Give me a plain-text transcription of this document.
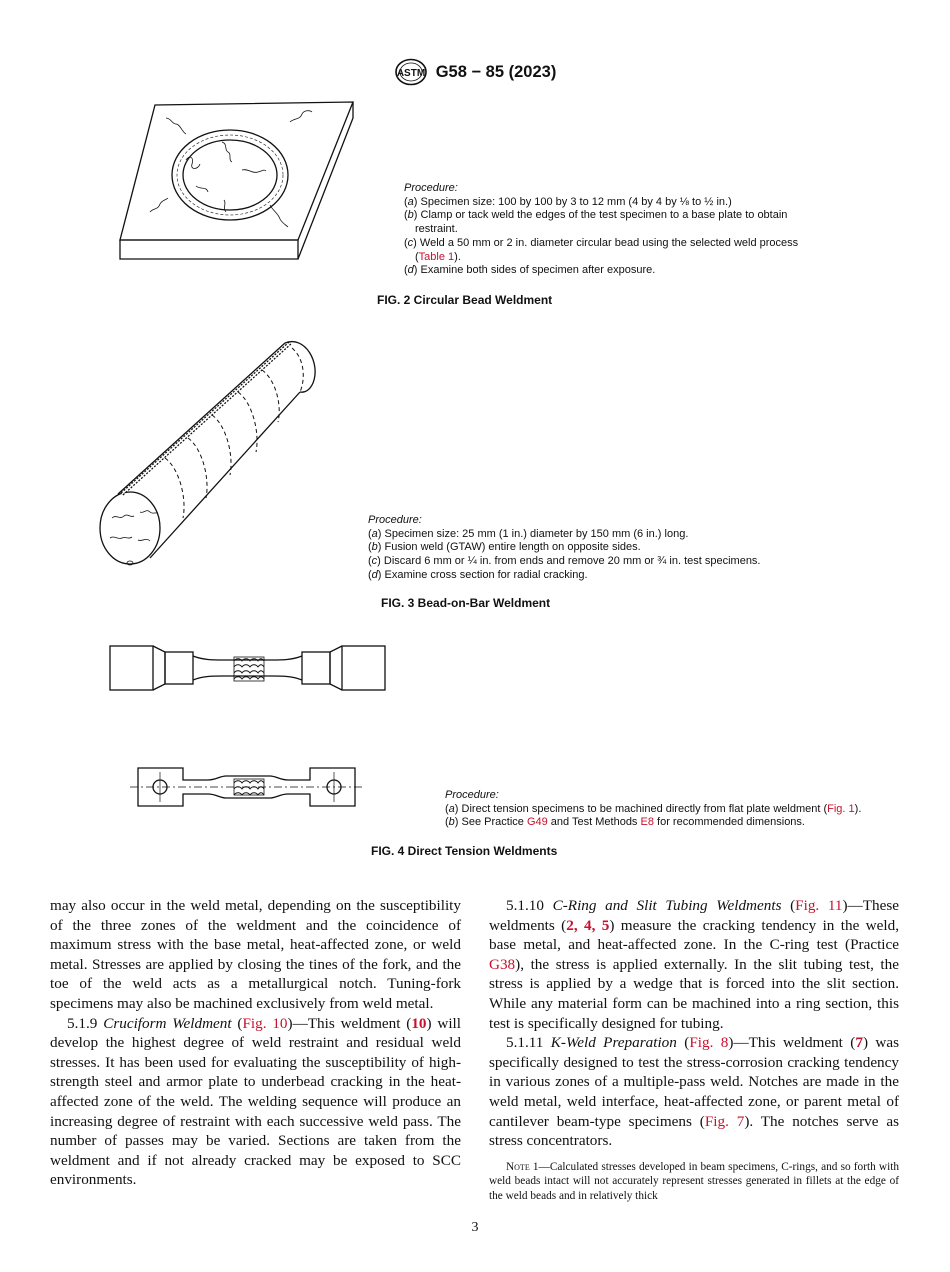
ASTM G58 − 85 (2023)
Procedure:
(a) Specimen size: 100 by 100 by 3 to 12 mm (4 by 4 by ⅛ to ½ in.)
(b) Clamp or tack weld the edges of the test specimen to a base plate to obtain
restraint.
(c) Weld a 50 mm or 2 in. diameter circular bead using the selected weld process
(Table 1).
(d) Examine both sides of specimen after exposure.
FIG. 2 Circular Bead Weldment
Procedure:
(a) Specimen size: 25 mm (1 in.) diameter by 150 mm (6 in.) long.
(b) Fusion weld (GTAW) entire length on opposite sides.
(c) Discard 6 mm or ¼ in. from ends and remove 20 mm or ¾ in. test specimens.
(d) Examine cross section for radial cracking.
FIG. 3 Bead-on-Bar Weldment
Procedure:
(a) Direct tension specimens to be machined directly from flat plate weldment (Fig. 1).
(b) See Practice G49 and Test Methods E8 for recommended dimensions.
FIG. 4 Direct Tension Weldments

may also occur in the weld metal, depending on the susceptibility of the three zones of the weldment and the coincidence of maximum stress with the base metal, heat-affected zone, or weld metal. Stresses are applied by closing the tines of the fork, and the toe of the weld acts as a metallurgical notch. Tuning-fork specimens may also be machined exclusively from weld metal.

5.1.9 Cruciform Weldment (Fig. 10)—This weldment (10) will develop the highest degree of weld restraint and residual weld stresses. It has been used for evaluating the susceptibility of high-strength steel and armor plate to underbead cracking in the heat-affected zone of the weld. The welding sequence will produce an increasing degree of restraint with each successive weld pass. The number of passes may be varied. Sections are taken from the weldment and if not already cracked may be exposed to SCC environments.

5.1.10 C-Ring and Slit Tubing Weldments (Fig. 11)—These weldments (2, 4, 5) measure the cracking tendency in the weld, base metal, and heat-affected zone. In the C-ring test (Practice G38), the stress is applied externally. In the slit tubing test, the stress is applied by a wedge that is forced into the slit section. While any material form can be machined into a ring section, this test is specifically designed for tubing.

5.1.11 K-Weld Preparation (Fig. 8)—This weldment (7) was specifically designed to test the stress-corrosion cracking tendency in various zones of a multiple-pass weld. Notches are made in the weld metal, weld interface, heat-affected zone, or parent metal of cantilever beam-type specimens (Fig. 7). The notches serve as stress concentrators.

Note 1—Calculated stresses developed in beam specimens, C-rings, and so forth with weld beads intact will not accurately represent stresses generated in fillets at the edge of the weld beads and in relatively thick
3
